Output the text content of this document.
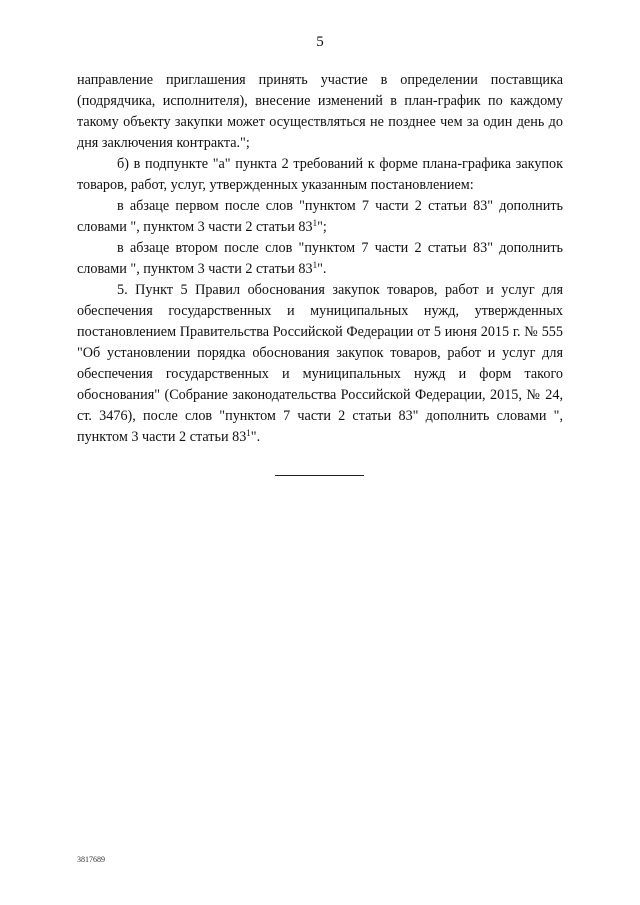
5

направление приглашения принять участие в определении поставщика (подрядчика, исполнителя), внесение изменений в план-график по каждому такому объекту закупки может осуществляться не позднее чем за один день до дня заключения контракта.";

б) в подпункте "а" пункта 2 требований к форме плана-графика закупок товаров, работ, услуг, утвержденных указанным постановлением:

в абзаце первом после слов "пунктом 7 части 2 статьи 83" дополнить словами ", пунктом 3 части 2 статьи $83^1$";

в абзаце втором после слов "пунктом 7 части 2 статьи 83" дополнить словами ", пунктом 3 части 2 статьи $83^1$".

5. Пункт 5 Правил обоснования закупок товаров, работ и услуг для обеспечения государственных и муниципальных нужд, утвержденных постановлением Правительства Российской Федерации от 5 июня 2015 г. № 555 "Об установлении порядка обоснования закупок товаров, работ и услуг для обеспечения государственных и муниципальных нужд и форм такого обоснования" (Собрание законодательства Российской Федерации, 2015, № 24, ст. 3476), после слов "пунктом 7 части 2 статьи 83" дополнить словами ", пунктом 3 части 2 статьи $83^1$".

3817689
